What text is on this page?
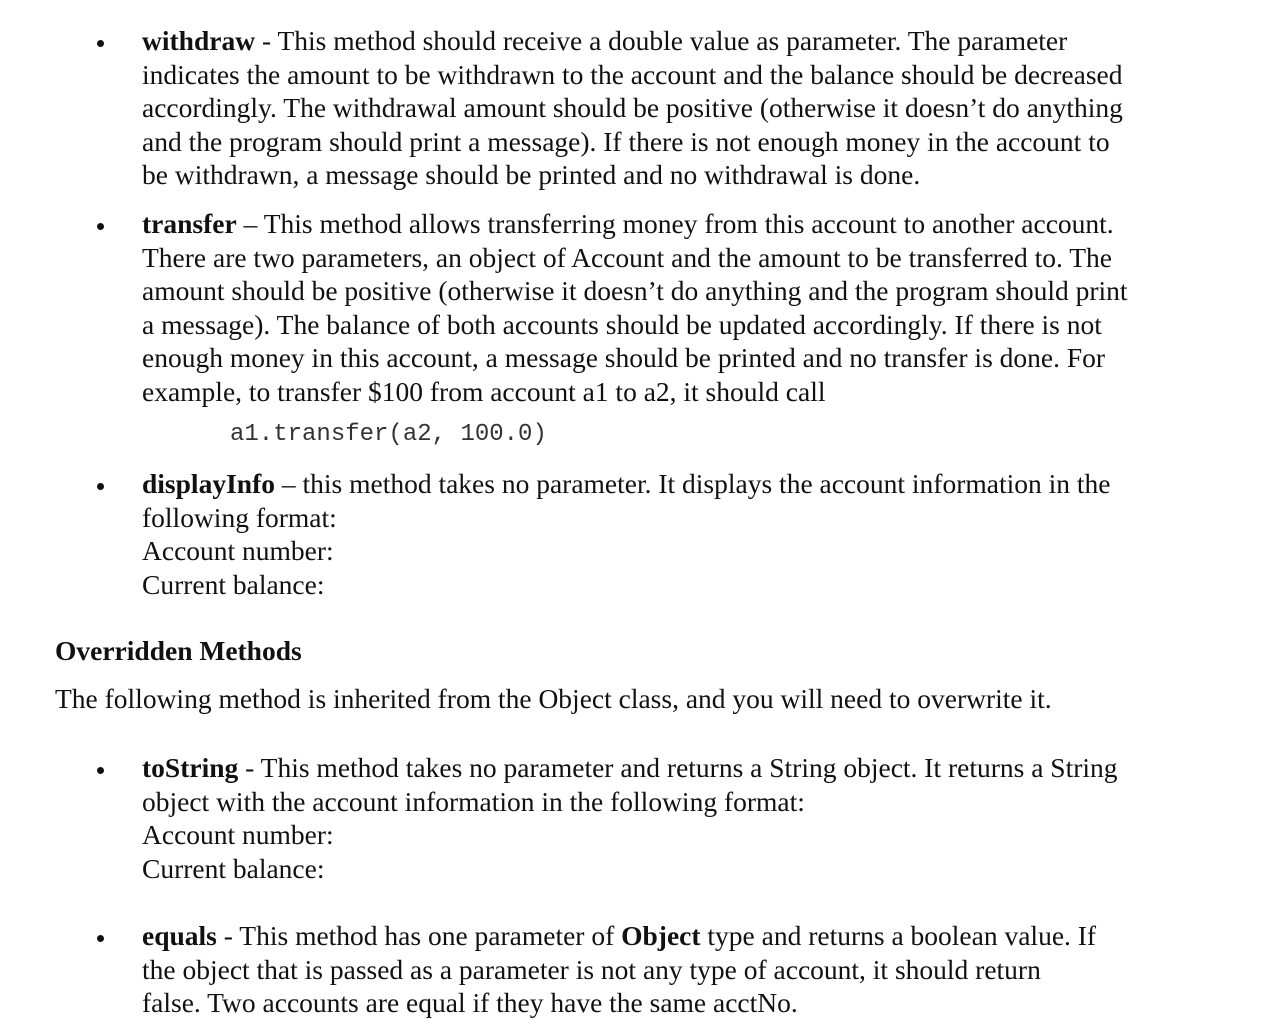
withdraw - This method should receive a double value as parameter. The parameter
indicates the amount to be withdrawn to the account and the balance should be decreased
accordingly. The withdrawal amount should be positive (otherwise it doesn’t do anything
and the program should print a message). If there is not enough money in the account to
be withdrawn, a message should be printed and no withdrawal is done.
transfer – This method allows transferring money from this account to another account.
There are two parameters, an object of Account and the amount to be transferred to. The
amount should be positive (otherwise it doesn’t do anything and the program should print
a message). The balance of both accounts should be updated accordingly. If there is not
enough money in this account, a message should be printed and no transfer is done. For
example, to transfer $100 from account a1 to a2, it should call
a1.transfer(a2, 100.0)
displayInfo – this method takes no parameter. It displays the account information in the
following format:
Account number:
Current balance:
Overridden Methods
The following method is inherited from the Object class, and you will need to overwrite it.
toString - This method takes no parameter and returns a String object. It returns a String
object with the account information in the following format:
Account number:
Current balance:
equals - This method has one parameter of Object type and returns a boolean value. If
the object that is passed as a parameter is not any type of account, it should return
false. Two accounts are equal if they have the same acctNo.
